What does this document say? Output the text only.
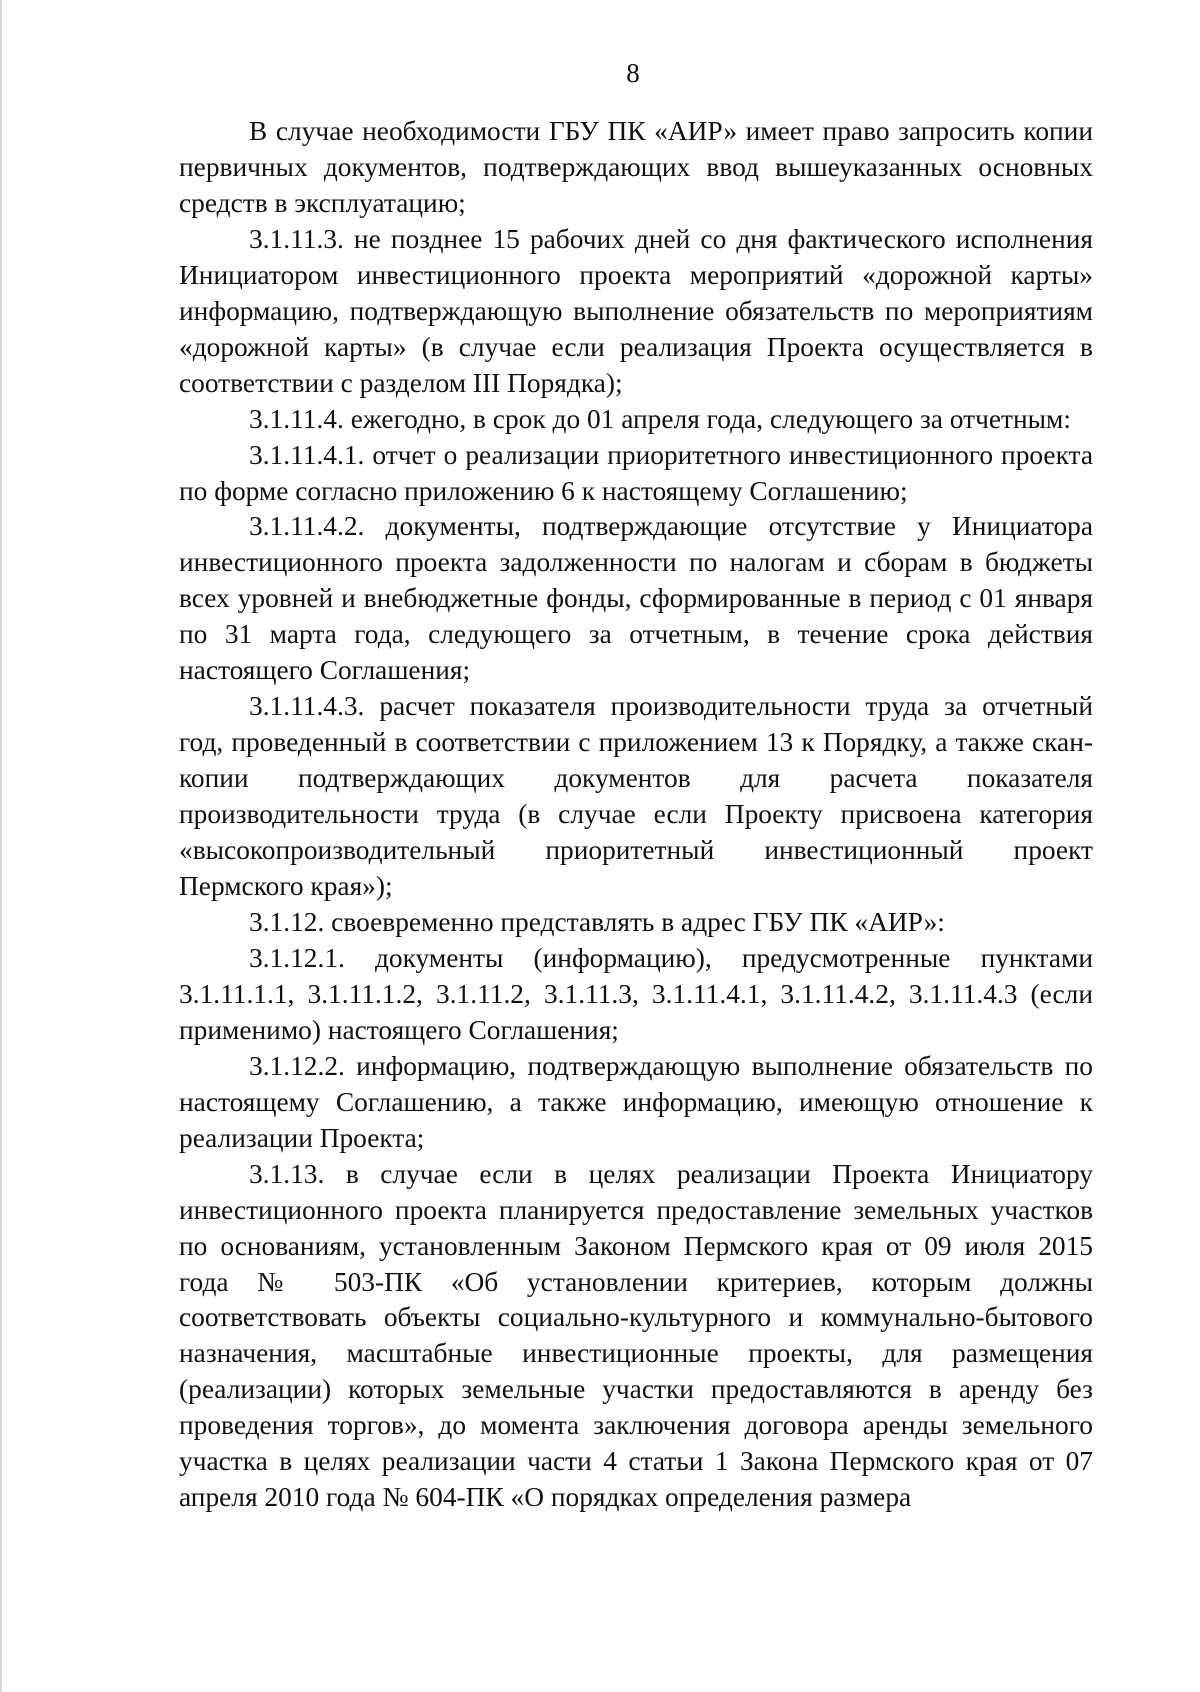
8

В случае необходимости ГБУ ПК «АИР» имеет право запросить копии первичных документов, подтверждающих ввод вышеуказанных основных средств в эксплуатацию;

3.1.11.3. не позднее 15 рабочих дней со дня фактического исполнения Инициатором инвестиционного проекта мероприятий «дорожной карты» информацию, подтверждающую выполнение обязательств по мероприятиям «дорожной карты» (в случае если реализация Проекта осуществляется в соответствии с разделом III Порядка);

3.1.11.4. ежегодно, в срок до 01 апреля года, следующего за отчетным:

3.1.11.4.1. отчет о реализации приоритетного инвестиционного проекта по форме согласно приложению 6 к настоящему Соглашению;

3.1.11.4.2. документы, подтверждающие отсутствие у Инициатора инвестиционного проекта задолженности по налогам и сборам в бюджеты всех уровней и внебюджетные фонды, сформированные в период с 01 января по 31 марта года, следующего за отчетным, в течение срока действия настоящего Соглашения;

3.1.11.4.3. расчет показателя производительности труда за отчетный год, проведенный в соответствии с приложением 13 к Порядку, а также скан-копии подтверждающих документов для расчета показателя производительности труда (в случае если Проекту присвоена категория «высокопроизводительный приоритетный инвестиционный проект Пермского края»);

3.1.12. своевременно представлять в адрес ГБУ ПК «АИР»:

3.1.12.1. документы (информацию), предусмотренные пунктами 3.1.11.1.1, 3.1.11.1.2, 3.1.11.2, 3.1.11.3, 3.1.11.4.1, 3.1.11.4.2, 3.1.11.4.3 (если применимо) настоящего Соглашения;

3.1.12.2. информацию, подтверждающую выполнение обязательств по настоящему Соглашению, а также информацию, имеющую отношение к реализации Проекта;

3.1.13. в случае если в целях реализации Проекта Инициатору инвестиционного проекта планируется предоставление земельных участков по основаниям, установленным Законом Пермского края от 09 июля 2015 года № 503-ПК «Об установлении критериев, которым должны соответствовать объекты социально-культурного и коммунально-бытового назначения, масштабные инвестиционные проекты, для размещения (реализации) которых земельные участки предоставляются в аренду без проведения торгов», до момента заключения договора аренды земельного участка в целях реализации части 4 статьи 1 Закона Пермского края от 07 апреля 2010 года № 604-ПК «О порядках определения размера
